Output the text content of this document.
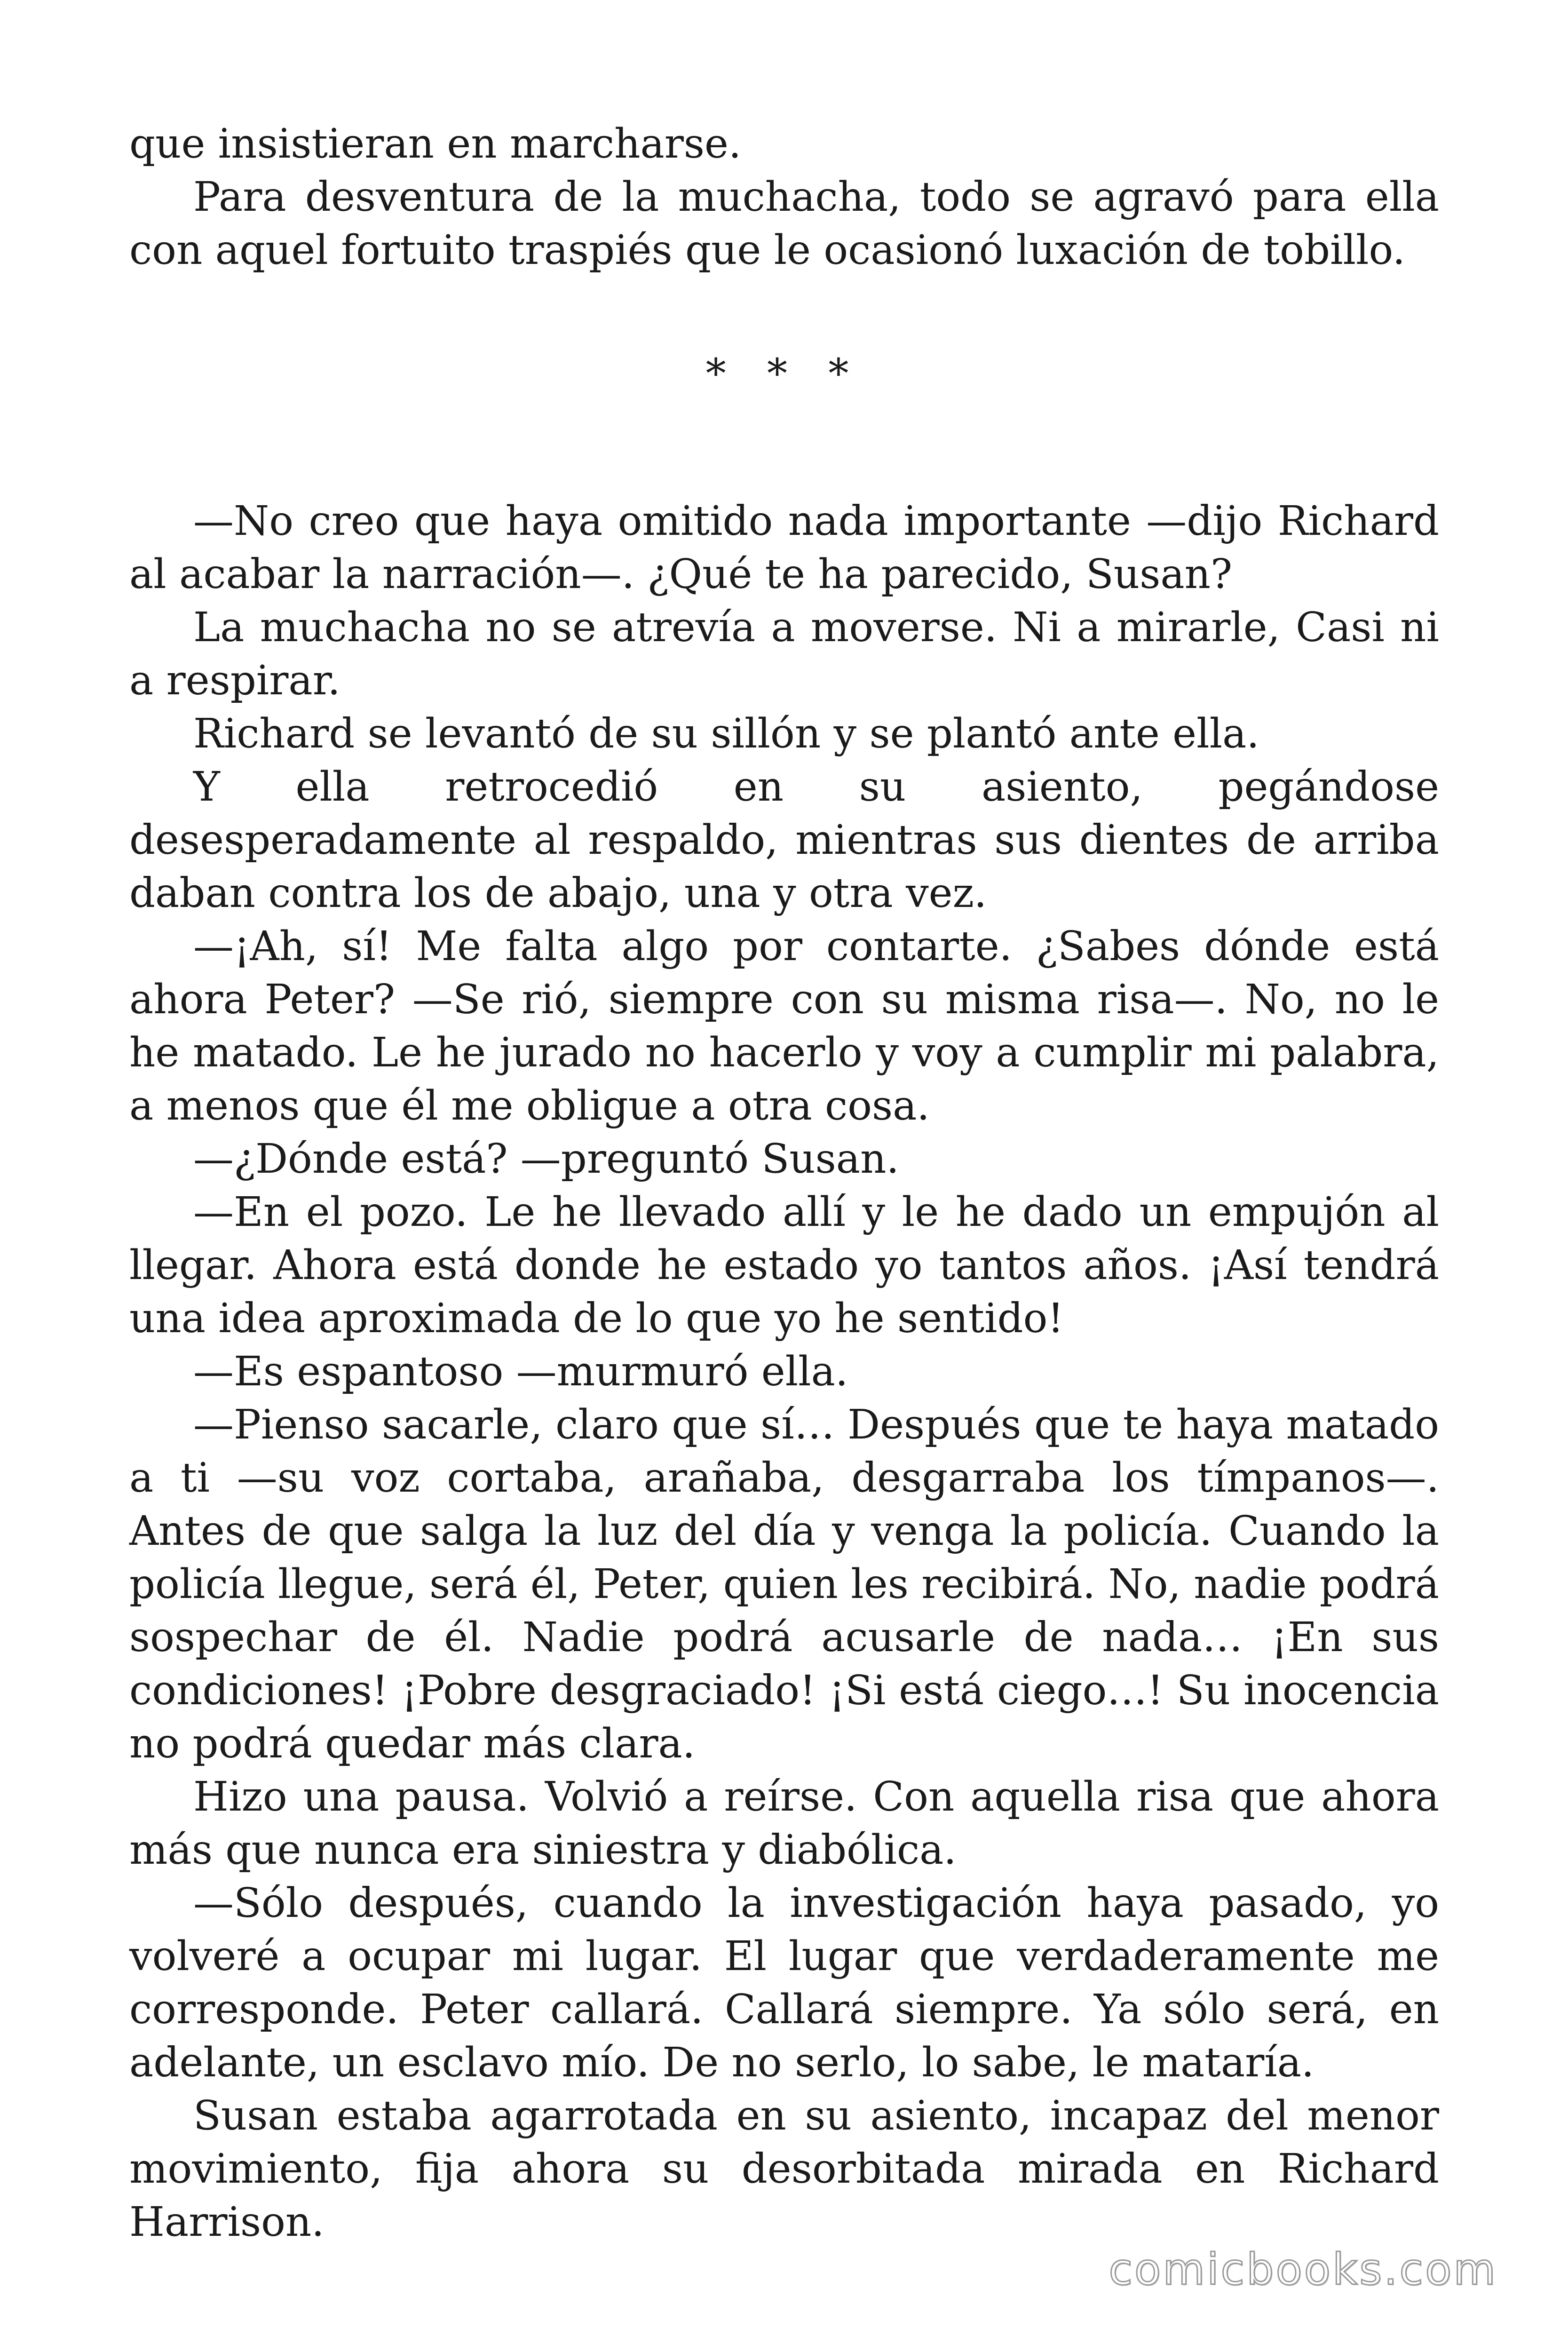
que insistieran en marcharse.

Para desventura de la muchacha, todo se agravó para ella con aquel fortuito traspiés que le ocasionó luxación de tobillo.

* * *

—No creo que haya omitido nada importante —dijo Richard al acabar la narración—. ¿Qué te ha parecido, Susan?

La muchacha no se atrevía a moverse. Ni a mirarle, Casi ni a respirar.

Richard se levantó de su sillón y se plantó ante ella.

Y ella retrocedió en su asiento, pegándose desesperadamente al respaldo, mientras sus dientes de arriba daban contra los de abajo, una y otra vez.

—¡Ah, sí! Me falta algo por contarte. ¿Sabes dónde está ahora Peter? —Se rió, siempre con su misma risa—. No, no le he matado. Le he jurado no hacerlo y voy a cumplir mi palabra, a menos que él me obligue a otra cosa.

—¿Dónde está? —preguntó Susan.

—En el pozo. Le he llevado allí y le he dado un empujón al llegar. Ahora está donde he estado yo tantos años. ¡Así tendrá una idea aproximada de lo que yo he sentido!

—Es espantoso —murmuró ella.

—Pienso sacarle, claro que sí… Después que te haya matado a ti —su voz cortaba, arañaba, desgarraba los tímpanos—. Antes de que salga la luz del día y venga la policía. Cuando la policía llegue, será él, Peter, quien les recibirá. No, nadie podrá sospechar de él. Nadie podrá acusarle de nada… ¡En sus condiciones! ¡Pobre desgraciado! ¡Si está ciego…! Su inocencia no podrá quedar más clara.

Hizo una pausa. Volvió a reírse. Con aquella risa que ahora más que nunca era siniestra y diabólica.

—Sólo después, cuando la investigación haya pasado, yo volveré a ocupar mi lugar. El lugar que verdaderamente me corresponde. Peter callará. Callará siempre. Ya sólo será, en adelante, un esclavo mío. De no serlo, lo sabe, le mataría.

Susan estaba agarrotada en su asiento, incapaz del menor movimiento, fija ahora su desorbitada mirada en Richard Harrison.

comicbooks.com
